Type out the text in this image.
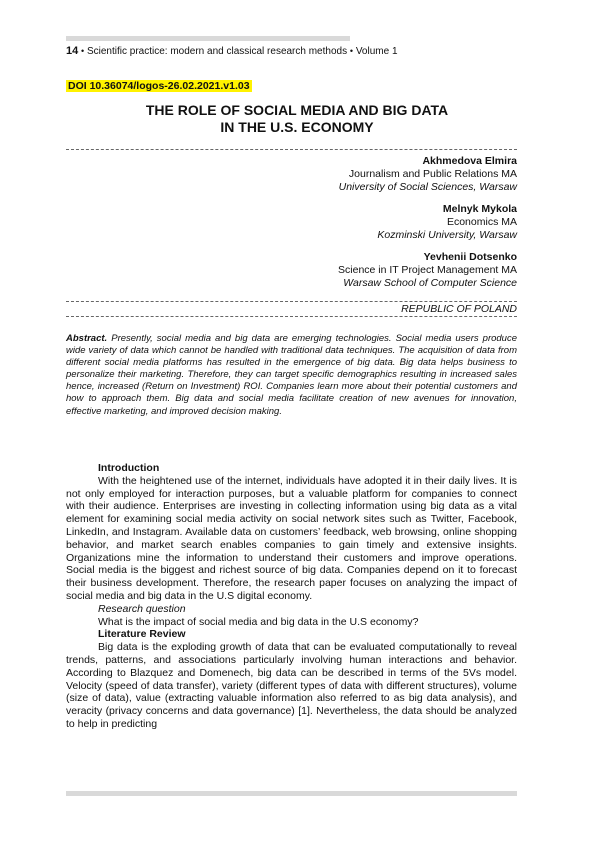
14 • Scientific practice: modern and classical research methods • Volume 1
DOI 10.36074/logos-26.02.2021.v1.03
THE ROLE OF SOCIAL MEDIA AND BIG DATA
IN THE U.S. ECONOMY
Akhmedova Elmira
Journalism and Public Relations MA
University of Social Sciences, Warsaw
Melnyk Mykola
Economics MA
Kozminski University, Warsaw
Yevhenii Dotsenko
Science in IT Project Management MA
Warsaw School of Computer Science
REPUBLIC OF POLAND
Abstract. Presently, social media and big data are emerging technologies. Social media users produce wide variety of data which cannot be handled with traditional data techniques. The acquisition of data from different social media platforms has resulted in the emergence of big data. Big data helps business to personalize their marketing. Therefore, they can target specific demographics resulting in increased sales hence, increased (Return on Investment) ROI. Companies learn more about their potential customers and how to approach them. Big data and social media facilitate creation of new avenues for innovation, effective marketing, and improved decision making.
Introduction

With the heightened use of the internet, individuals have adopted it in their daily lives. It is not only employed for interaction purposes, but a valuable platform for companies to connect with their audience. Enterprises are investing in collecting information using big data as a vital element for examining social media activity on social network sites such as Twitter, Facebook, LinkedIn, and Instagram. Available data on customers’ feedback, web browsing, online shopping behavior, and market search enables companies to gain timely and extensive insights. Organizations mine the information to understand their customers and improve operations. Social media is the biggest and richest source of big data. Companies depend on it to forecast their business development. Therefore, the research paper focuses on analyzing the impact of social media and big data in the U.S digital economy.

Research question

What is the impact of social media and big data in the U.S economy?

Literature Review

Big data is the exploding growth of data that can be evaluated computationally to reveal trends, patterns, and associations particularly involving human interactions and behavior. According to Blazquez and Domenech, big data can be described in terms of the 5Vs model. Velocity (speed of data transfer), variety (different types of data with different structures), volume (size of data), value (extracting valuable information also referred to as big data analysis), and veracity (privacy concerns and data governance) [1]. Nevertheless, the data should be analyzed to help in predicting
